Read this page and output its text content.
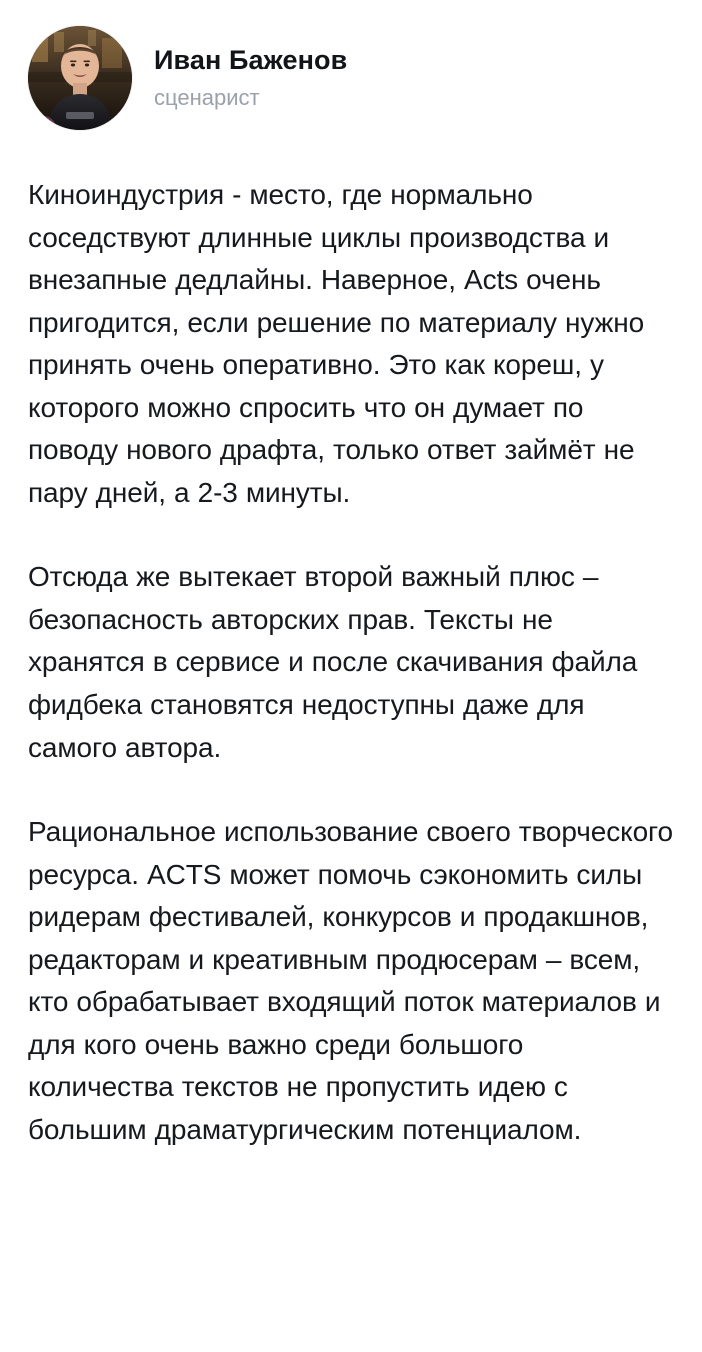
Иван Баженов
сценарист

Киноиндустрия - место, где нормально соседствуют длинные циклы производства и внезапные дедлайны. Наверное, Acts очень пригодится, если решение по материалу нужно принять очень оперативно. Это как кореш, у которого можно спросить что он думает по поводу нового драфта, только ответ займёт не пару дней, а 2-3 минуты.

Отсюда же вытекает второй важный плюс – безопасность авторских прав. Тексты не хранятся в сервисе и после скачивания файла фидбека становятся недоступны даже для самого автора.

Рациональное использование своего творческого ресурса. ACTS может помочь сэкономить силы ридерам фестивалей, конкурсов и продакшнов, редакторам и креативным продюсерам – всем, кто обрабатывает входящий поток материалов и для кого очень важно среди большого количества текстов не пропустить идею с большим драматургическим потенциалом.
